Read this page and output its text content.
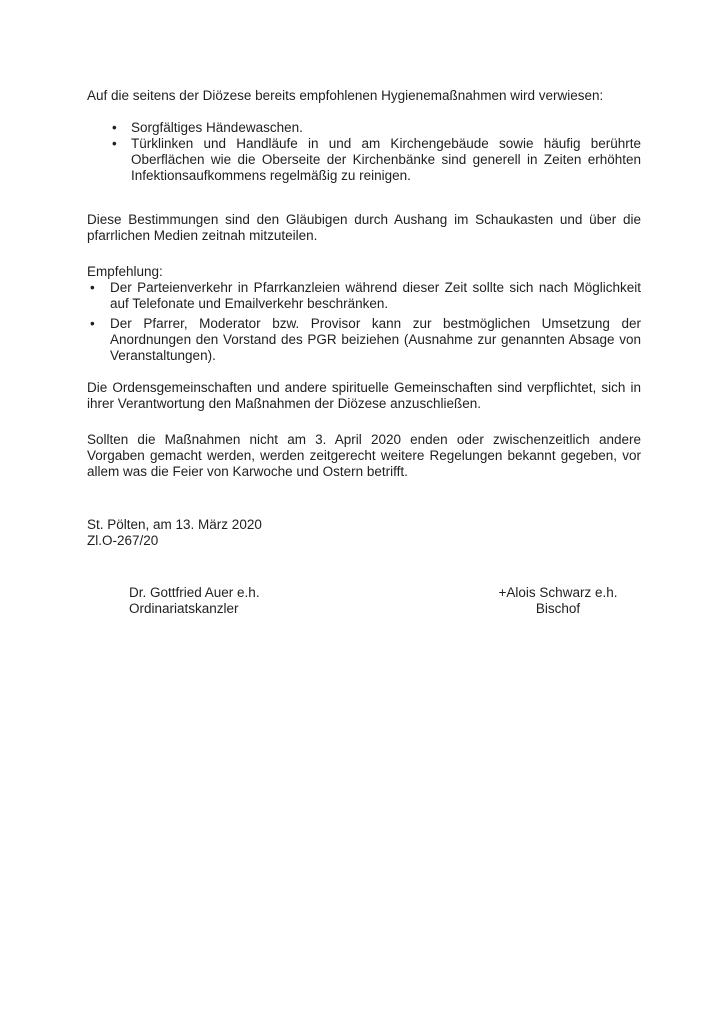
Auf die seitens der Diözese bereits empfohlenen Hygienemaßnahmen wird verwiesen:

•	Sorgfältiges Händewaschen.
•	Türklinken und Handläufe in und am Kirchengebäude sowie häufig berührte Oberflächen wie die Oberseite der Kirchenbänke sind generell in Zeiten erhöhten Infektionsaufkommens regelmäßig zu reinigen.

Diese Bestimmungen sind den Gläubigen durch Aushang im Schaukasten und über die pfarrlichen Medien zeitnah mitzuteilen.

Empfehlung:

•	Der Parteienverkehr in Pfarrkanzleien während dieser Zeit sollte sich nach Möglichkeit auf Telefonate und Emailverkehr beschränken.
•	Der Pfarrer, Moderator bzw. Provisor kann zur bestmöglichen Umsetzung der Anordnungen den Vorstand des PGR beiziehen (Ausnahme zur genannten Absage von Veranstaltungen).

Die Ordensgemeinschaften und andere spirituelle Gemeinschaften sind verpflichtet, sich in ihrer Verantwortung den Maßnahmen der Diözese anzuschließen.

Sollten die Maßnahmen nicht am 3. April 2020 enden oder zwischenzeitlich andere Vorgaben gemacht werden, werden zeitgerecht weitere Regelungen bekannt gegeben, vor allem was die Feier von Karwoche und Ostern betrifft.

St. Pölten, am 13. März 2020
Zl.O-267/20
Dr. Gottfried Auer e.h.
Ordinariatskanzler
+Alois Schwarz e.h.
Bischof
